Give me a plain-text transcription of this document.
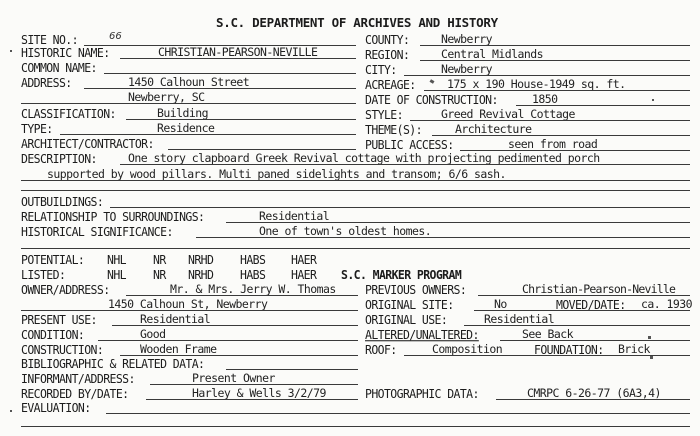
S.C. DEPARTMENT OF ARCHIVES AND HISTORY
SITE NO.:	66
HISTORIC NAME:	CHRISTIAN-PEARSON-NEVILLE
COMMON NAME:
ADDRESS:	1450 Calhoun Street
Newberry, SC
CLASSIFICATION:	Building
TYPE:	Residence
ARCHITECT/CONTRACTOR:
DESCRIPTION:	One story clapboard Greek Revival cottage with projecting pedimented porch
supported by wood pillars. Multi paned sidelights and transom; 6/6 sash.
OUTBUILDINGS:
RELATIONSHIP TO SURROUNDINGS:	Residential
HISTORICAL SIGNIFICANCE:	One of town's oldest homes.
POTENTIAL: NHL NR NRHD HABS HAER
LISTED:	NHL NR NRHD HABS HAER
OWNER/ADDRESS:	Mr. & Mrs. Jerry W. Thomas
1450 Calhoun St, Newberry
PRESENT USE:	Residential
CONDITION:	Good
CONSTRUCTION:	Wooden Frame
BIBLIOGRAPHIC & RELATED DATA:
INFORMANT/ADDRESS:	Present Owner
RECORDED BY/DATE:	Harley & Wells 3/2/79
EVALUATION:
COUNTY:	Newberry
REGION:	Central Midlands
CITY:	Newberry
ACREAGE:	175 x 190 House-1949 sq. ft.
DATE OF CONSTRUCTION:	1850
STYLE:	Greed Revival Cottage
THEME(S):	Architecture
PUBLIC ACCESS:	seen from road
S.C. MARKER PROGRAM
PREVIOUS OWNERS:	Christian-Pearson-Neville
ORIGINAL SITE:	No	MOVED/DATE: ca. 1930
ORIGINAL USE:	Residential
ALTERED/UNALTERED:	See Back
ROOF:	Composition	FOUNDATION: Brick
PHOTOGRAPHIC DATA:	CMRPC 6-26-77 (6A3,4)
